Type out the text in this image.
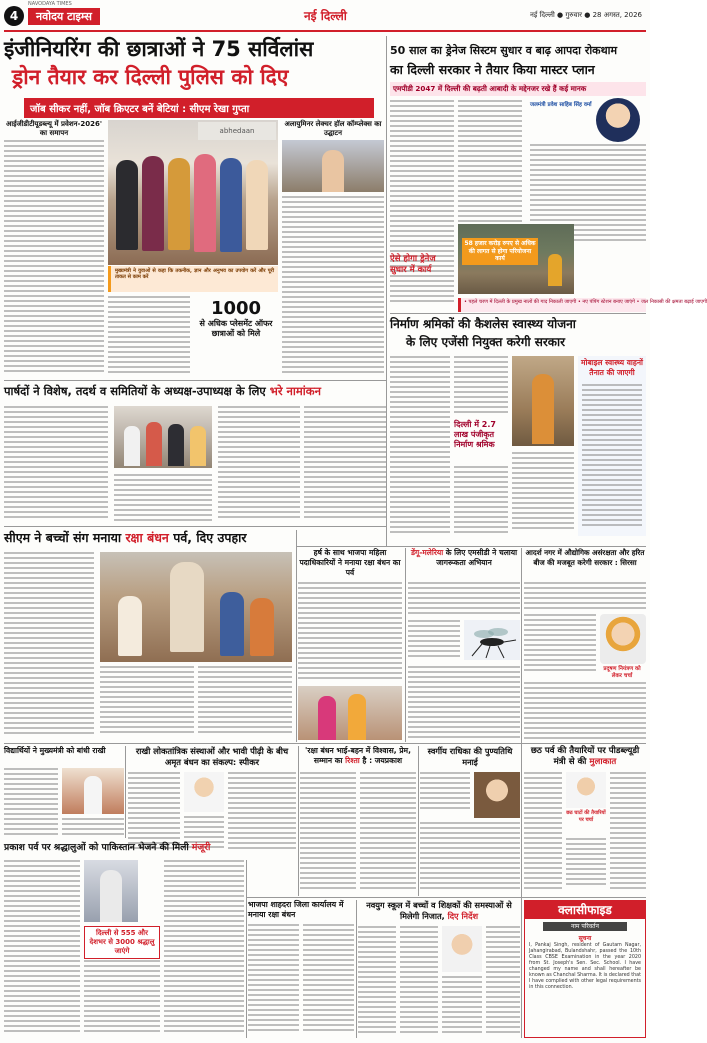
4
NAVODAYA TIMES
नवोदय टाइम्स	नई दिल्ली	नई दिल्ली ● गुरुवार ● 28 अगस्त, 2026
इंजीनियरिंग की छात्राओं ने 75 सर्विलांस
ड्रोन तैयार कर दिल्ली पुलिस को दिए
जॉब सीकर नहीं, जॉब क्रिएटर बनें बेटियां : सीएम रेखा गुप्ता
आईजीडीटीयूडब्ल्यू में प्रवेशन-2026' का समापन	abhedaan
अलायुमिनर लेक्चर हॉल कॉम्प्लेक्स का उद्घाटन
मुख्यमंत्री ने युवाओं से कहा कि तकनीक, ज्ञान और अनुभव का उपयोग करें और पूरी ताकत से काम करें
1000
से अधिक प्लेसमेंट ऑफर छात्राओं को मिले
50 साल का ड्रेनेज सिस्टम सुधार व बाढ़ आपदा रोकथाम
का दिल्ली सरकार ने तैयार किया मास्टर प्लान
एमपीडी 2047 में दिल्ली की बढ़ती आबादी के मद्देनजर रखे हैं कई मानक
जलमंत्री प्रवेश साहिब सिंह वर्मा
58 हजार करोड़ रुपए से अधिक की लागत से होगा परियोजना कार्य
ऐसे होगा ड्रेनेज सुधार में कार्य
• पहले चरण में दिल्ली के प्रमुख नालों की गाद निकाली जाएगी • नए पंपिंग स्टेशन बनाए जाएंगे • जल निकासी की क्षमता बढ़ाई जाएगी
निर्माण श्रमिकों की कैशलेस स्वास्थ्य योजना
के लिए एजेंसी नियुक्त करेगी सरकार
दिल्ली में 2.7 लाख पंजीकृत निर्माण श्रमिक
मोबाइल स्वास्थ्य वाहनों तैनात की जाएगी
पार्षदों ने विशेष, तदर्थ व समितियों के अध्यक्ष-उपाध्यक्ष के लिए भरे नामांकन
सीएम ने बच्चों संग मनाया रक्षा बंधन पर्व, दिए उपहार
हर्ष के साथ भाजपा महिला पदाधिकारियों ने मनाया रक्षा बंधन का पर्व
डेंगू-मलेरिया के लिए एमसीडी ने चलाया जागरूकता अभियान
आदर्श नगर में औद्योगिक असंरक्षता और हरित बीज की मजबूत करेगी सरकार : सिरसा
प्रदूषण नियंत्रण को लेकर चर्चा
विद्यार्थियों ने मुख्यमंत्री को बांधी राखी	राखी लोकतांत्रिक संस्थाओं और भावी पीढ़ी के बीच अमृत बंधन का संकल्प: स्पीकर
'रक्षा बंधन भाई-बहन में विश्वास, प्रेम, सम्मान का रिश्ता है : जयप्रकाश
स्वर्गीय राधिका की पुण्यतिथि मनाई
छठ पर्व की तैयारियों पर पीडब्ल्यूडी मंत्री से की मुलाकात
छठ घाटों की तैयारियों पर चर्चा
प्रकाश पर्व पर श्रद्धालुओं को पाकिस्तान भेजने की मिली मंजूरी
दिल्ली से 555 और देशभर से 3000 श्रद्धालु जाएंगे
भाजपा शाहदरा जिला कार्यालय में मनाया रक्षा बंधन
नवयुग स्कूल में बच्चों व शिक्षकों की समस्याओं से मिलेगी निजात, दिए निर्देश	क्लासीफाइड
नाम परिवर्तन
सूचना
I, Pankaj Singh, resident of Gautam Nagar, Jahangirabad, Bulandshahr, passed the 10th Class CBSE Examination in the year 2020 from St. Joseph's Sen. Sec. School. I have changed my name and shall hereafter be known as Chanchal Sharma. It is declared that I have complied with other legal requirements in this connection.
